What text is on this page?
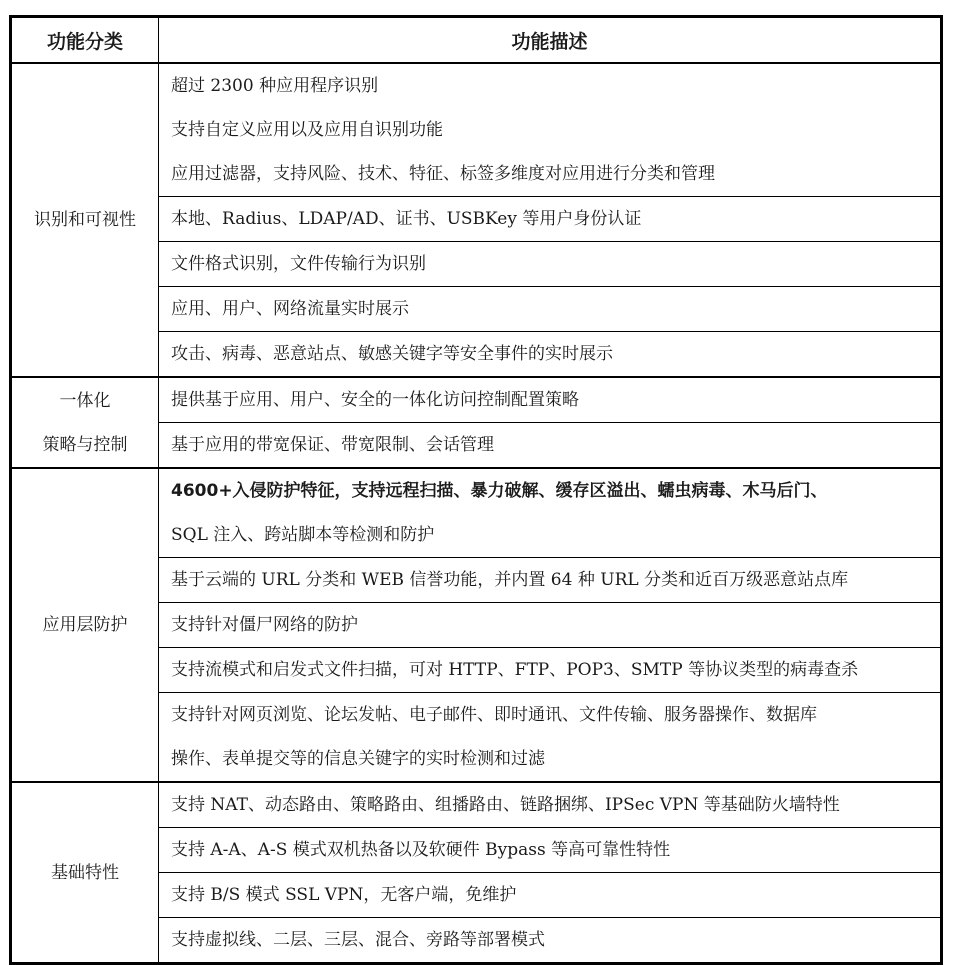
功能分类	功能描述

识别和可视性	超过 2300 种应用程序识别
支持自定义应用以及应用自识别功能
应用过滤器，支持风险、技术、特征、标签多维度对应用进行分类和管理

	本地、Radius、LDAP/AD、证书、USBKey 等用户身份认证

	文件格式识别，文件传输行为识别

	应用、用户、网络流量实时展示

	攻击、病毒、恶意站点、敏感关键字等安全事件的实时展示

一体化
策略与控制	提供基于应用、用户、安全的一体化访问控制配置策略

	基于应用的带宽保证、带宽限制、会话管理

应用层防护	4600+入侵防护特征，支持远程扫描、暴力破解、缓存区溢出、蠕虫病毒、木马后门、
SQL 注入、跨站脚本等检测和防护

	基于云端的 URL 分类和 WEB 信誉功能，并内置 64 种 URL 分类和近百万级恶意站点库

	支持针对僵尸网络的防护

	支持流模式和启发式文件扫描，可对 HTTP、FTP、POP3、SMTP 等协议类型的病毒查杀

	支持针对网页浏览、论坛发帖、电子邮件、即时通讯、文件传输、服务器操作、数据库
操作、表单提交等的信息关键字的实时检测和过滤

基础特性	支持 NAT、动态路由、策略路由、组播路由、链路捆绑、IPSec VPN 等基础防火墙特性

	支持 A-A、A-S 模式双机热备以及软硬件 Bypass 等高可靠性特性

	支持 B/S 模式 SSL VPN，无客户端，免维护

	支持虚拟线、二层、三层、混合、旁路等部署模式
